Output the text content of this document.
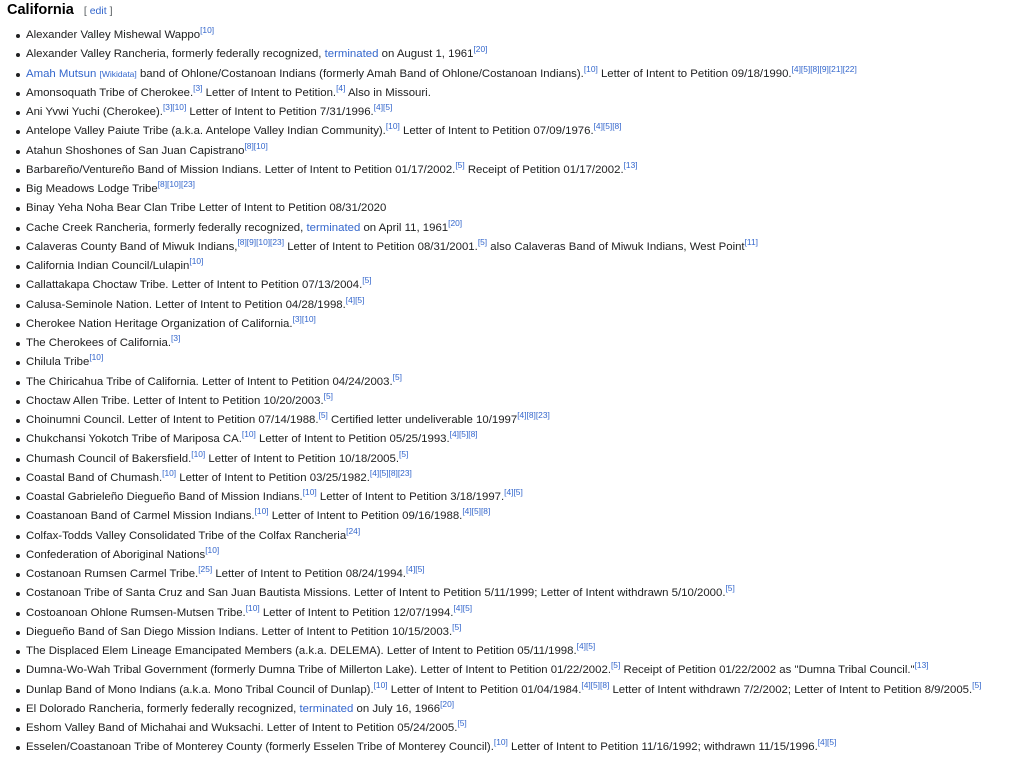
California [ edit ]
Alexander Valley Mishewal Wappo[10]
Alexander Valley Rancheria, formerly federally recognized, terminated on August 1, 1961[20]
Amah Mutsun [Wikidata] band of Ohlone/Costanoan Indians (formerly Amah Band of Ohlone/Costanoan Indians).[10] Letter of Intent to Petition 09/18/1990.[4][5][8][9][21][22]
Amonsoquath Tribe of Cherokee.[3] Letter of Intent to Petition.[4] Also in Missouri.
Ani Yvwi Yuchi (Cherokee).[3][10] Letter of Intent to Petition 7/31/1996.[4][5]
Antelope Valley Paiute Tribe (a.k.a. Antelope Valley Indian Community).[10] Letter of Intent to Petition 07/09/1976.[4][5][8]
Atahun Shoshones of San Juan Capistrano[8][10]
Barbareño/Ventureño Band of Mission Indians. Letter of Intent to Petition 01/17/2002.[5] Receipt of Petition 01/17/2002.[13]
Big Meadows Lodge Tribe[8][10][23]
Binay Yeha Noha Bear Clan Tribe Letter of Intent to Petition 08/31/2020
Cache Creek Rancheria, formerly federally recognized, terminated on April 11, 1961[20]
Calaveras County Band of Miwuk Indians,[8][9][10][23] Letter of Intent to Petition 08/31/2001.[5] also Calaveras Band of Miwuk Indians, West Point[11]
California Indian Council/Lulapin[10]
Callattakapa Choctaw Tribe. Letter of Intent to Petition 07/13/2004.[5]
Calusa-Seminole Nation. Letter of Intent to Petition 04/28/1998.[4][5]
Cherokee Nation Heritage Organization of California.[3][10]
The Cherokees of California.[3]
Chilula Tribe[10]
The Chiricahua Tribe of California. Letter of Intent to Petition 04/24/2003.[5]
Choctaw Allen Tribe. Letter of Intent to Petition 10/20/2003.[5]
Choinumni Council. Letter of Intent to Petition 07/14/1988.[5] Certified letter undeliverable 10/1997[4][8][23]
Chukchansi Yokotch Tribe of Mariposa CA.[10] Letter of Intent to Petition 05/25/1993.[4][5][8]
Chumash Council of Bakersfield.[10] Letter of Intent to Petition 10/18/2005.[5]
Coastal Band of Chumash.[10] Letter of Intent to Petition 03/25/1982.[4][5][8][23]
Coastal Gabrieleño Diegueño Band of Mission Indians.[10] Letter of Intent to Petition 3/18/1997.[4][5]
Coastanoan Band of Carmel Mission Indians.[10] Letter of Intent to Petition 09/16/1988.[4][5][8]
Colfax-Todds Valley Consolidated Tribe of the Colfax Rancheria[24]
Confederation of Aboriginal Nations[10]
Costanoan Rumsen Carmel Tribe.[25] Letter of Intent to Petition 08/24/1994.[4][5]
Costanoan Tribe of Santa Cruz and San Juan Bautista Missions. Letter of Intent to Petition 5/11/1999; Letter of Intent withdrawn 5/10/2000.[5]
Costoanoan Ohlone Rumsen-Mutsen Tribe.[10] Letter of Intent to Petition 12/07/1994.[4][5]
Diegueño Band of San Diego Mission Indians. Letter of Intent to Petition 10/15/2003.[5]
The Displaced Elem Lineage Emancipated Members (a.k.a. DELEMA). Letter of Intent to Petition 05/11/1998.[4][5]
Dumna-Wo-Wah Tribal Government (formerly Dumna Tribe of Millerton Lake). Letter of Intent to Petition 01/22/2002.[5] Receipt of Petition 01/22/2002 as "Dumna Tribal Council."[13]
Dunlap Band of Mono Indians (a.k.a. Mono Tribal Council of Dunlap).[10] Letter of Intent to Petition 01/04/1984.[4][5][8] Letter of Intent withdrawn 7/2/2002; Letter of Intent to Petition 8/9/2005.[5]
El Dolorado Rancheria, formerly federally recognized, terminated on July 16, 1966[20]
Eshom Valley Band of Michahai and Wuksachi. Letter of Intent to Petition 05/24/2005.[5]
Esselen/Coastanoan Tribe of Monterey County (formerly Esselen Tribe of Monterey Council).[10] Letter of Intent to Petition 11/16/1992; withdrawn 11/15/1996.[4][5]
